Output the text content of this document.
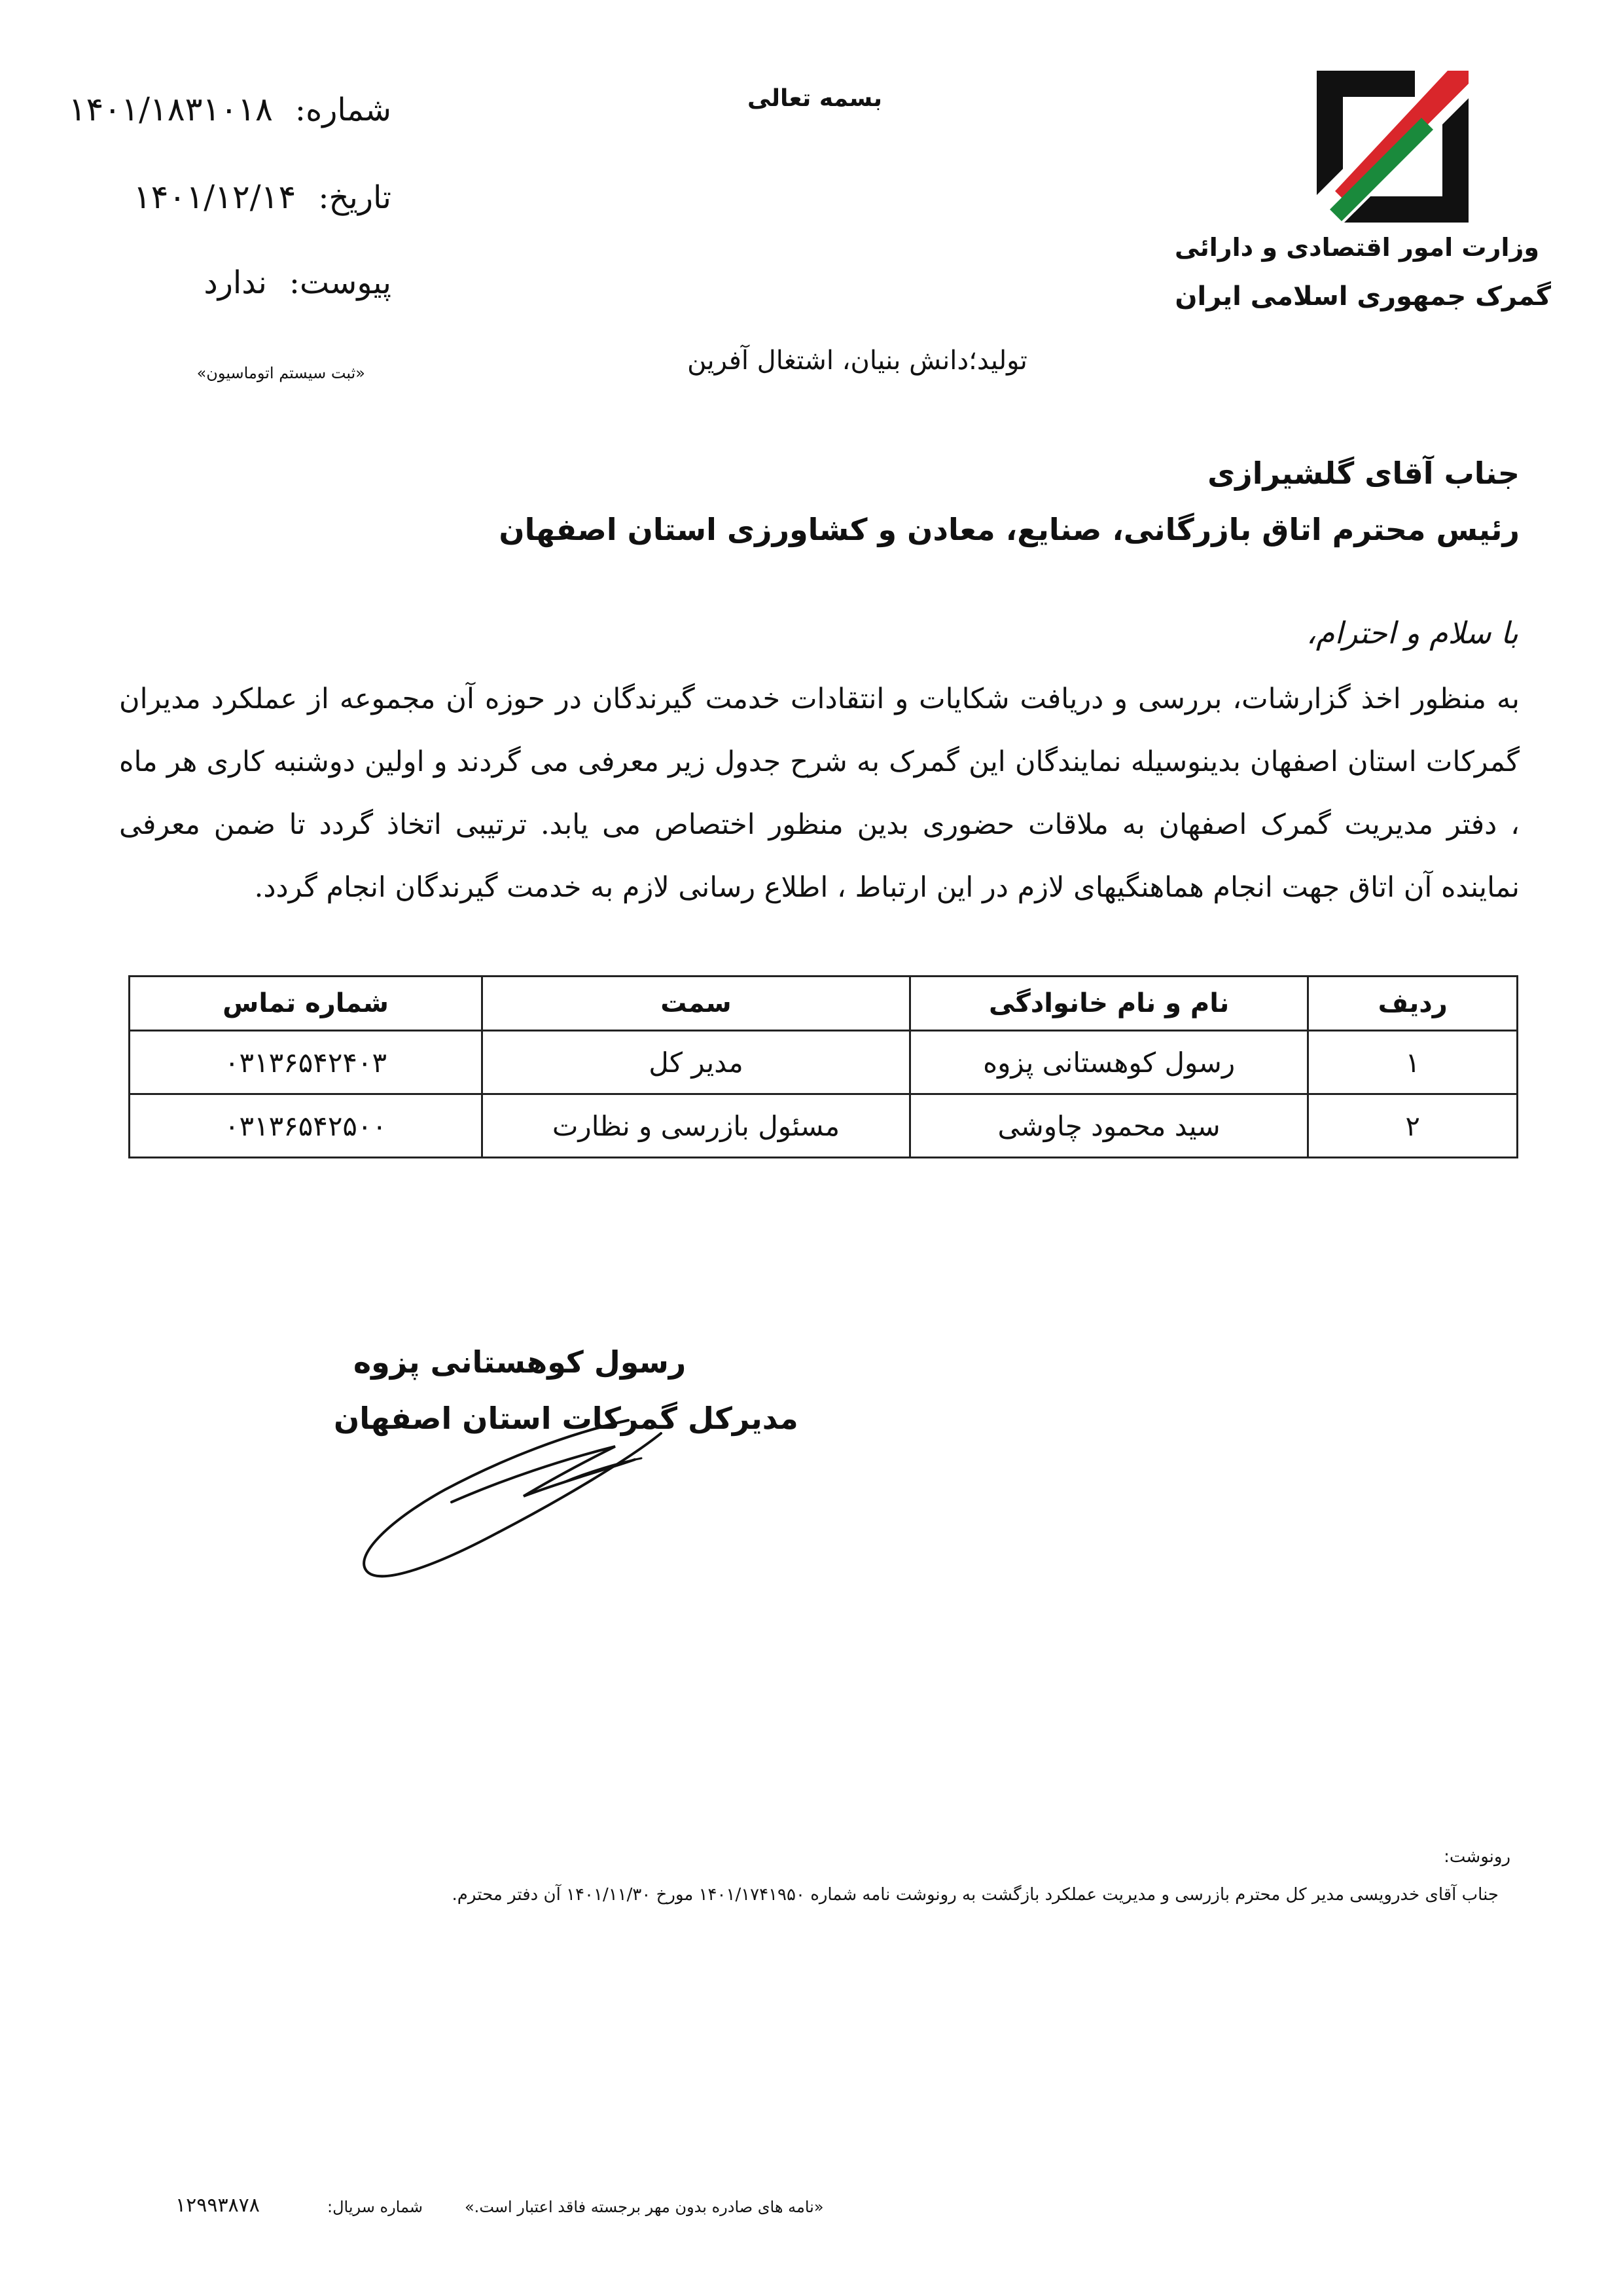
شماره:
۱۴۰۱/۱۸۳۱۰۱۸
تاریخ:
۱۴۰۱/۱۲/۱۴
پیوست:
ندارد
«ثبت سیستم اتوماسیون»
بسمه تعالی
تولید؛دانش بنیان، اشتغال آفرین
وزارت امور اقتصادی و دارائی
گمرک جمهوری اسلامی ایران
جناب آقای گلشیرازی
رئیس محترم اتاق بازرگانی، صنایع، معادن و کشاورزی استان اصفهان
با سلام و احترام،
به منظور اخذ گزارشات، بررسی و دریافت شکایات و انتقادات خدمت گیرندگان در حوزه آن مجموعه از عملکرد مدیران گمرکات استان اصفهان بدینوسیله نمایندگان این گمرک به شرح جدول زیر معرفی می گردند و اولین دوشنبه کاری هر ماه ، دفتر مدیریت گمرک اصفهان به ملاقات حضوری بدین منظور اختصاص می یابد. ترتیبی اتخاذ گردد تا ضمن معرفی نماینده آن اتاق جهت انجام هماهنگیهای لازم در این ارتباط ، اطلاع رسانی لازم به خدمت گیرندگان انجام گردد.
ردیف	نام و نام خانوادگی	سمت	شماره تماس
۱	رسول کوهستانی پزوه	مدیر کل	۰۳۱۳۶۵۴۲۴۰۳
۲	سید محمود چاوشی	مسئول بازرسی و نظارت	۰۳۱۳۶۵۴۲۵۰۰
رسول کوهستانی پزوه
مدیرکل گمرکات استان اصفهان
رونوشت:
جناب آقای خدرویسی مدیر کل محترم بازرسی و مدیریت عملکرد بازگشت به رونوشت نامه شماره ۱۴۰۱/۱۷۴۱۹۵۰ مورخ ۱۴۰۱/۱۱/۳۰ آن دفتر محترم.
«نامه های صادره بدون مهر برجسته فاقد اعتبار است.»
شماره سریال:
۱۲۹۹۳۸۷۸
